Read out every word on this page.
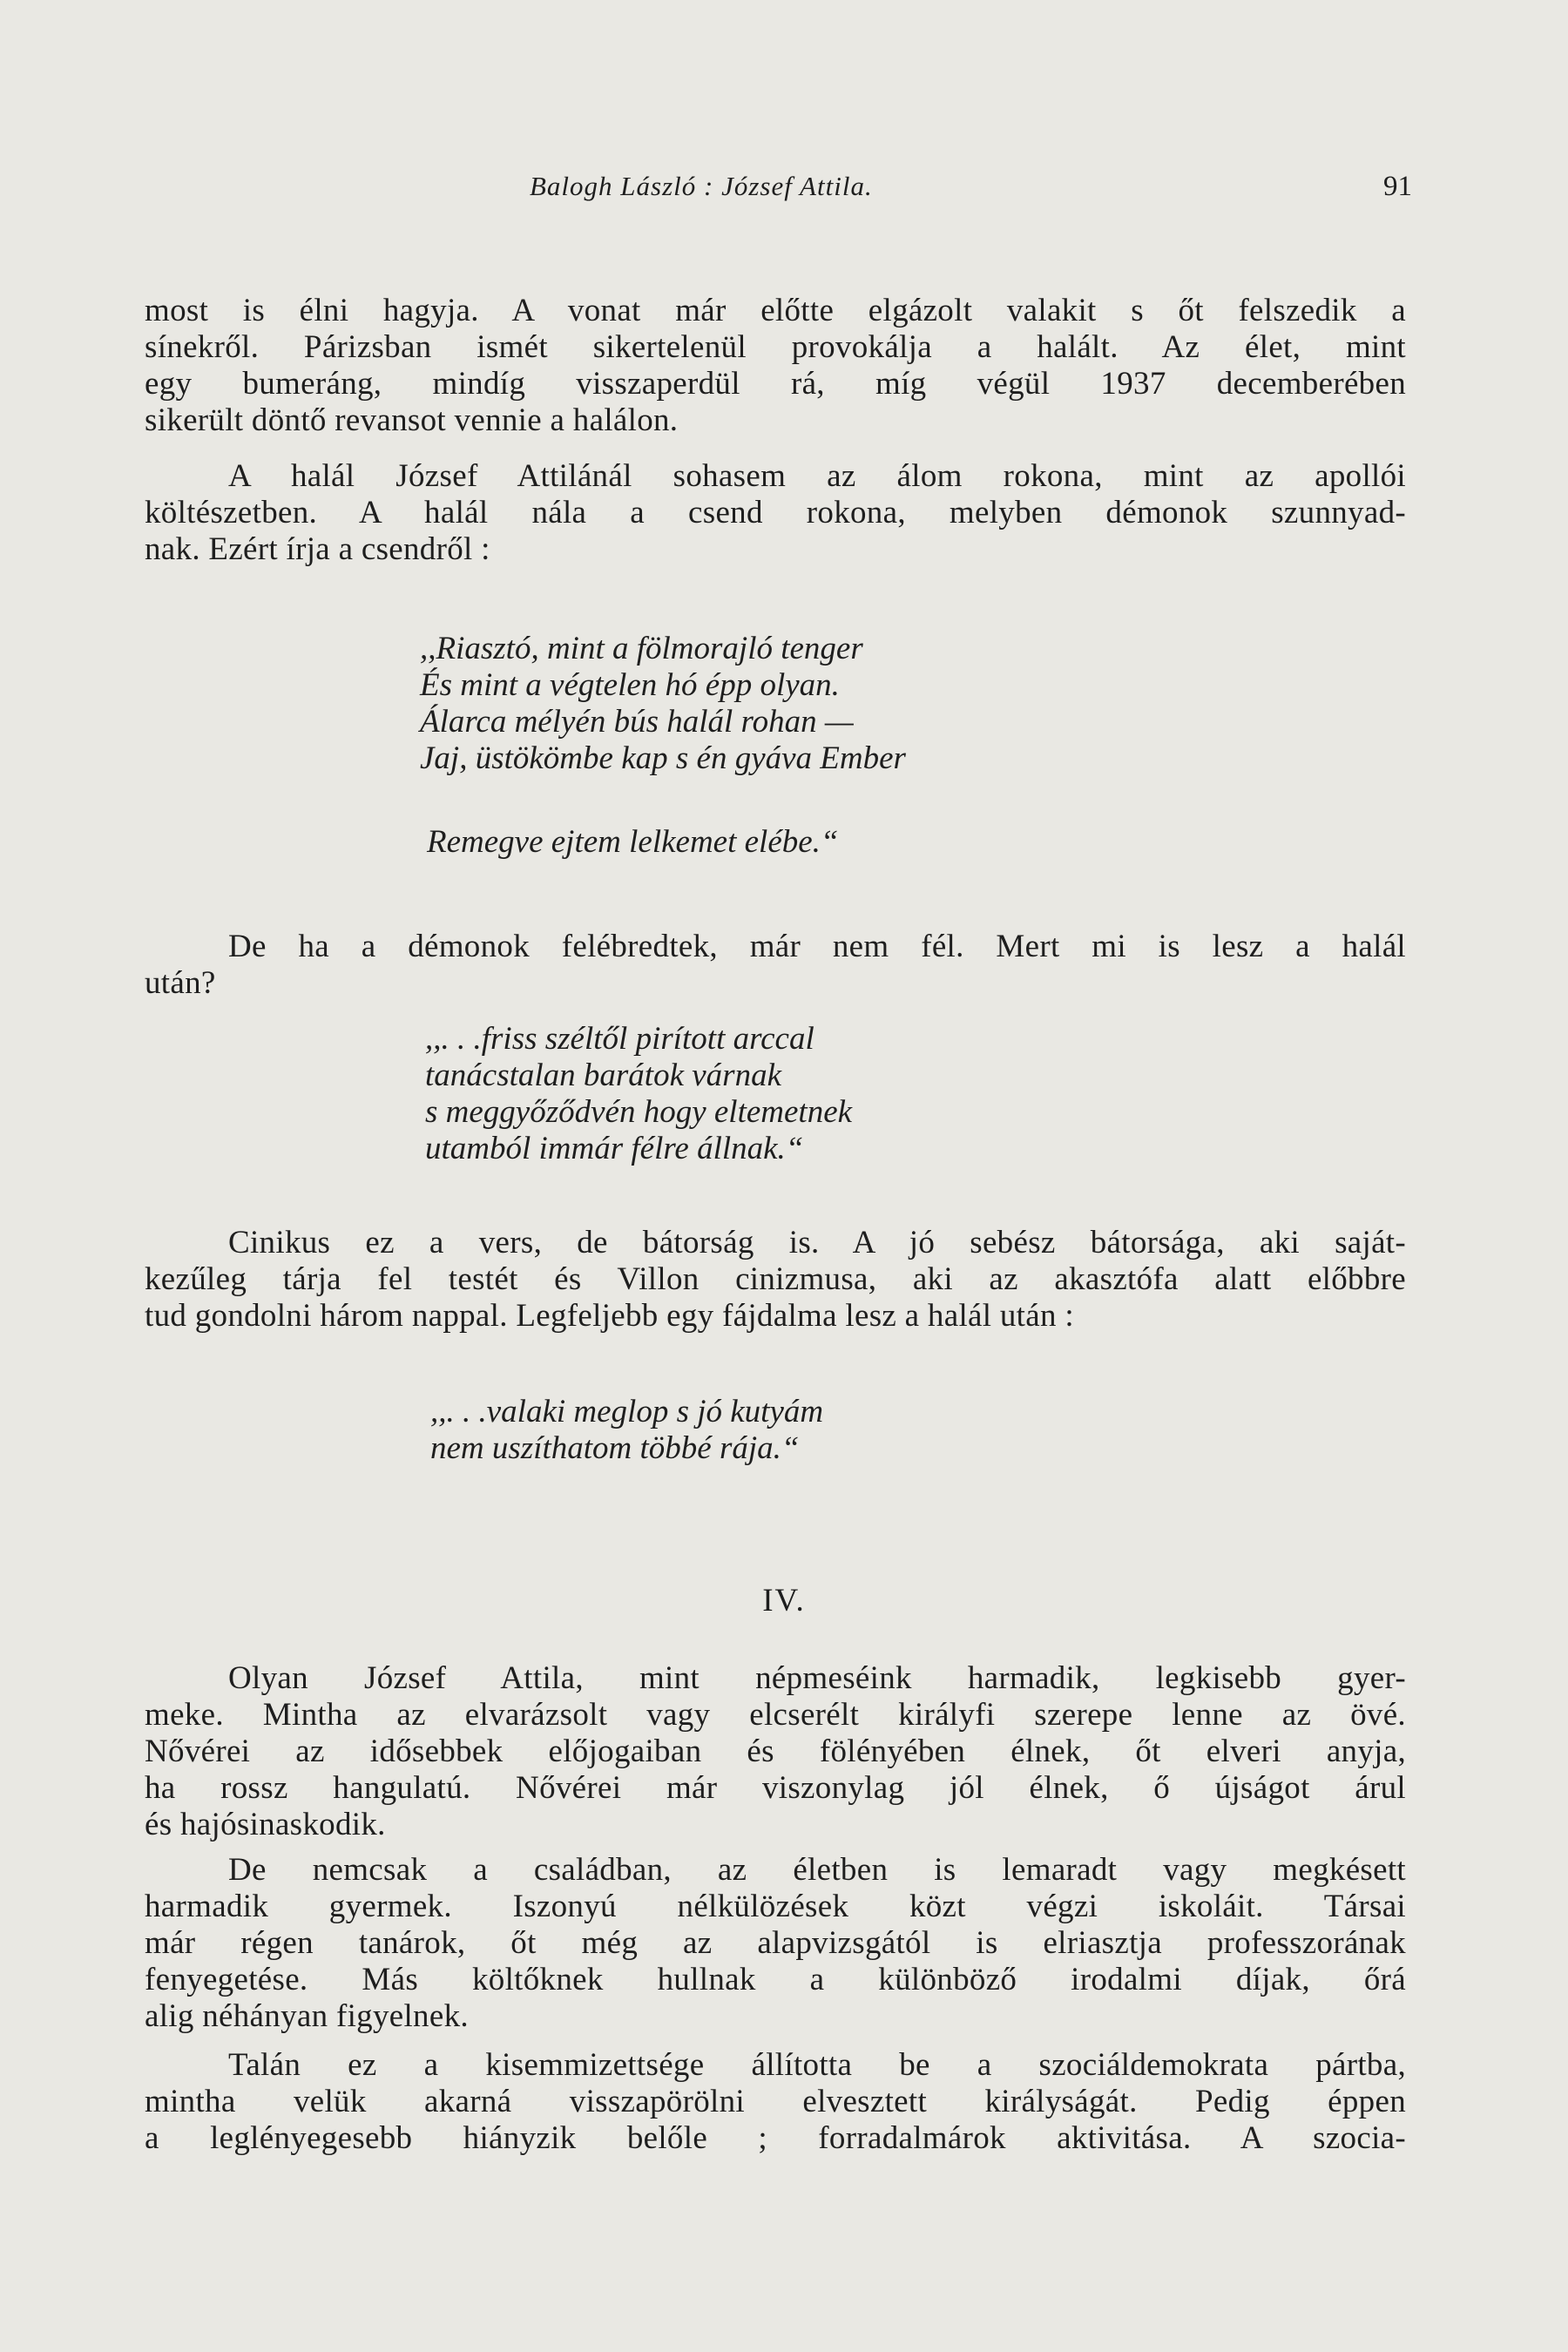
Balogh László : József Attila.	91
most is élni hagyja. A vonat már előtte elgázolt valakit s őt felszedik a
sínekről. Párizsban ismét sikertelenül provokálja a halált. Az élet, mint
egy bumeráng, mindíg visszaperdül rá, míg végül 1937 decemberében
sikerült döntő revansot vennie a halálon.
A halál József Attilánál sohasem az álom rokona, mint az apollói
költészetben. A halál nála a csend rokona, melyben démonok szunnyad-
nak. Ezért írja a csendről :
,,Riasztó, mint a fölmorajló tenger
És mint a végtelen hó épp olyan.
Álarca mélyén bús halál rohan —
Jaj, üstökömbe kap s én gyáva Ember
Remegve ejtem lelkemet elébe.“
De ha a démonok felébredtek, már nem fél. Mert mi is lesz a halál
után?
,,. . .friss széltől pirított arccal
tanácstalan barátok várnak
s meggyőződvén hogy eltemetnek
utamból immár félre állnak.“
Cinikus ez a vers, de bátorság is. A jó sebész bátorsága, aki saját-
kezűleg tárja fel testét és Villon cinizmusa, aki az akasztófa alatt előbbre
tud gondolni három nappal. Legfeljebb egy fájdalma lesz a halál után :
,,. . .valaki meglop s jó kutyám
nem uszíthatom többé rája.“
IV.
Olyan József Attila, mint népmeséink harmadik, legkisebb gyer-
meke. Mintha az elvarázsolt vagy elcserélt királyfi szerepe lenne az övé.
Nővérei az idősebbek előjogaiban és fölényében élnek, őt elveri anyja,
ha rossz hangulatú. Nővérei már viszonylag jól élnek, ő újságot árul
és hajósinaskodik.
De nemcsak a családban, az életben is lemaradt vagy megkésett
harmadik gyermek. Iszonyú nélkülözések közt végzi iskoláit. Társai
már régen tanárok, őt még az alapvizsgától is elriasztja professzorának
fenyegetése. Más költőknek hullnak a különböző irodalmi díjak, őrá
alig néhányan figyelnek.
Talán ez a kisemmizettsége állította be a szociáldemokrata pártba,
mintha velük akarná visszapörölni elvesztett királyságát. Pedig éppen
a leglényegesebb hiányzik belőle ; forradalmárok aktivitása. A szocia-
